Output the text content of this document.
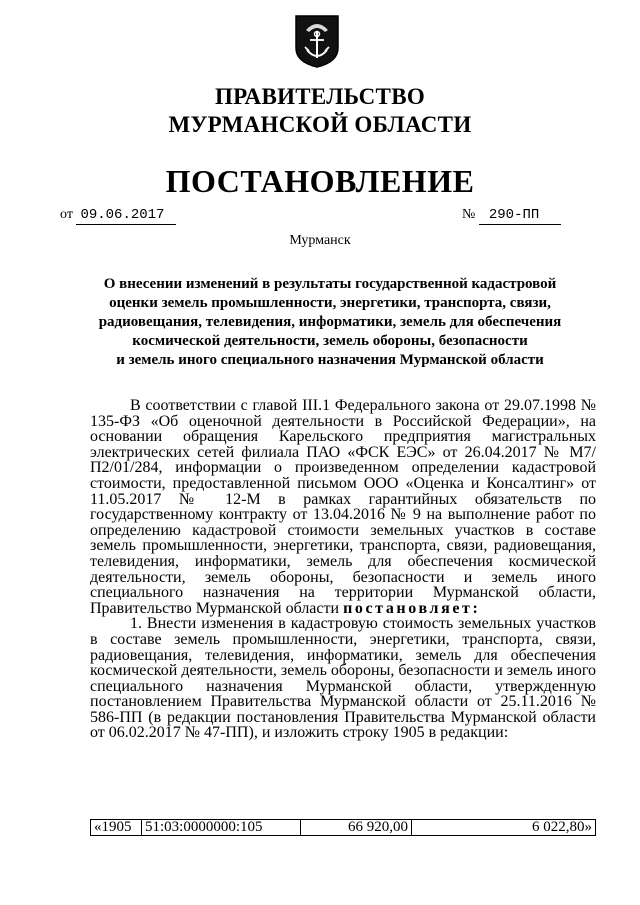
ПРАВИТЕЛЬСТВО
МУРМАНСКОЙ ОБЛАСТИ
ПОСТАНОВЛЕНИЕ
от 09.06.2017	№ 290-ПП
Мурманск
О внесении изменений в результаты государственной кадастровой
оценки земель промышленности, энергетики, транспорта, связи,
радиовещания, телевидения, информатики, земель для обеспечения
космической деятельности, земель обороны, безопасности
и земель иного специального назначения Мурманской области

В соответствии с главой III.1 Федерального закона от 29.07.1998 № 135-ФЗ «Об оценочной деятельности в Российской Федерации», на основании обращения Карельского предприятия магистральных электрических сетей филиала ПАО «ФСК ЕЭС» от 26.04.2017 № М7/П2/01/284, информации о произведенном определении кадастровой стоимости, предоставленной письмом ООО «Оценка и Консалтинг» от 11.05.2017 № 12-М в рамках гарантийных обязательств по государственному контракту от 13.04.2016 № 9 на выполнение работ по определению кадастровой стоимости земельных участков в составе земель промышленности, энергетики, транспорта, связи, радиовещания, телевидения, информатики, земель для обеспечения космической деятельности, земель обороны, безопасности и земель иного специального назначения на территории Мурманской области, Правительство Мурманской области постановляет:

1. Внести изменения в кадастровую стоимость земельных участков в составе земель промышленности, энергетики, транспорта, связи, радиовещания, телевидения, информатики, земель для обеспечения космической деятельности, земель обороны, безопасности и земель иного специального назначения Мурманской области, утвержденную постановлением Правительства Мурманской области от 25.11.2016 № 586-ПП (в редакции постановления Правительства Мурманской области от 06.02.2017 № 47-ПП), и изложить строку 1905 в редакции:

«1905	51:03:0000000:105	66 920,00	6 022,80»
